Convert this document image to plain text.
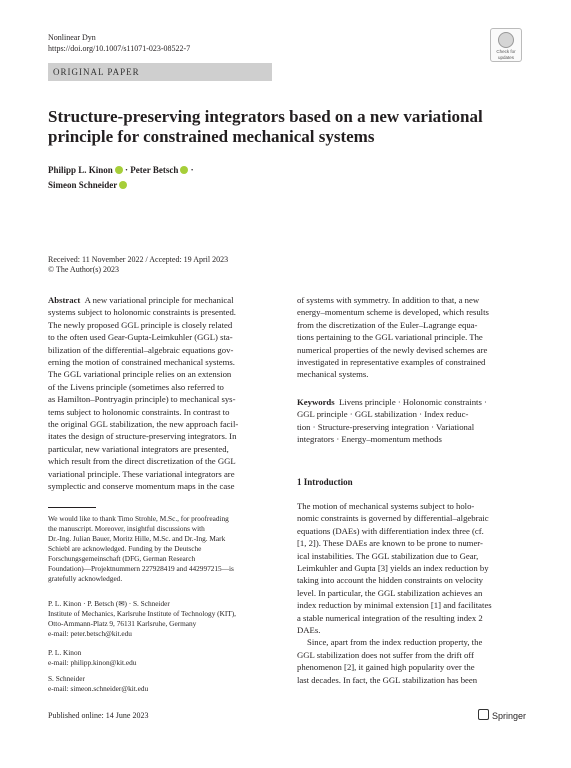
Nonlinear Dyn
https://doi.org/10.1007/s11071-023-08522-7	Check for
updates
ORIGINAL PAPER
Structure-preserving integrators based on a new variational
principle for constrained mechanical systems
Philipp L. Kinon · Peter Betsch ·
Simeon Schneider
Received: 11 November 2022 / Accepted: 19 April 2023
© The Author(s) 2023
Abstract A new variational principle for mechanical
systems subject to holonomic constraints is presented.
The newly proposed GGL principle is closely related
to the often used Gear-Gupta-Leimkuhler (GGL) sta-
bilization of the differential–algebraic equations gov-
erning the motion of constrained mechanical systems.
The GGL variational principle relies on an extension
of the Livens principle (sometimes also referred to
as Hamilton–Pontryagin principle) to mechanical sys-
tems subject to holonomic constraints. In contrast to
the original GGL stabilization, the new approach facil-
itates the design of structure-preserving integrators. In
particular, new variational integrators are presented,
which result from the direct discretization of the GGL
variational principle. These variational integrators are
symplectic and conserve momentum maps in the case
We would like to thank Timo Strohle, M.Sc., for proofreading
the manuscript. Moreover, insightful discussions with
Dr.-Ing. Julian Bauer, Moritz Hille, M.Sc. and Dr.-Ing. Mark
Schiebl are acknowledged. Funding by the Deutsche
Forschungsgemeinschaft (DFG, German Research
Foundation)—Projektnummern 227928419 and 442997215—is
gratefully acknowledged.
P. L. Kinon · P. Betsch (✉) · S. Schneider
Institute of Mechanics, Karlsruhe Institute of Technology (KIT),
Otto-Ammann-Platz 9, 76131 Karlsruhe, Germany
e-mail: peter.betsch@kit.edu
P. L. Kinon
e-mail: philipp.kinon@kit.edu
S. Schneider
e-mail: simeon.schneider@kit.edu
of systems with symmetry. In addition to that, a new
energy–momentum scheme is developed, which results
from the discretization of the Euler–Lagrange equa-
tions pertaining to the GGL variational principle. The
numerical properties of the newly devised schemes are
investigated in representative examples of constrained
mechanical systems.
Keywords Livens principle · Holonomic constraints ·
GGL principle · GGL stabilization · Index reduc-
tion · Structure-preserving integration · Variational
integrators · Energy–momentum methods
1 Introduction
The motion of mechanical systems subject to holo-
nomic constraints is governed by differential–algebraic
equations (DAEs) with differentiation index three (cf.
[1, 2]). These DAEs are known to be prone to numer-
ical instabilities. The GGL stabilization due to Gear,
Leimkuhler and Gupta [3] yields an index reduction by
taking into account the hidden constraints on velocity
level. In particular, the GGL stabilization achieves an
index reduction by minimal extension [1] and facilitates
a stable numerical integration of the resulting index 2
DAEs.
Since, apart from the index reduction property, the
GGL stabilization does not suffer from the drift off
phenomenon [2], it gained high popularity over the
last decades. In fact, the GGL stabilization has been
Published online: 14 June 2023	Springer
